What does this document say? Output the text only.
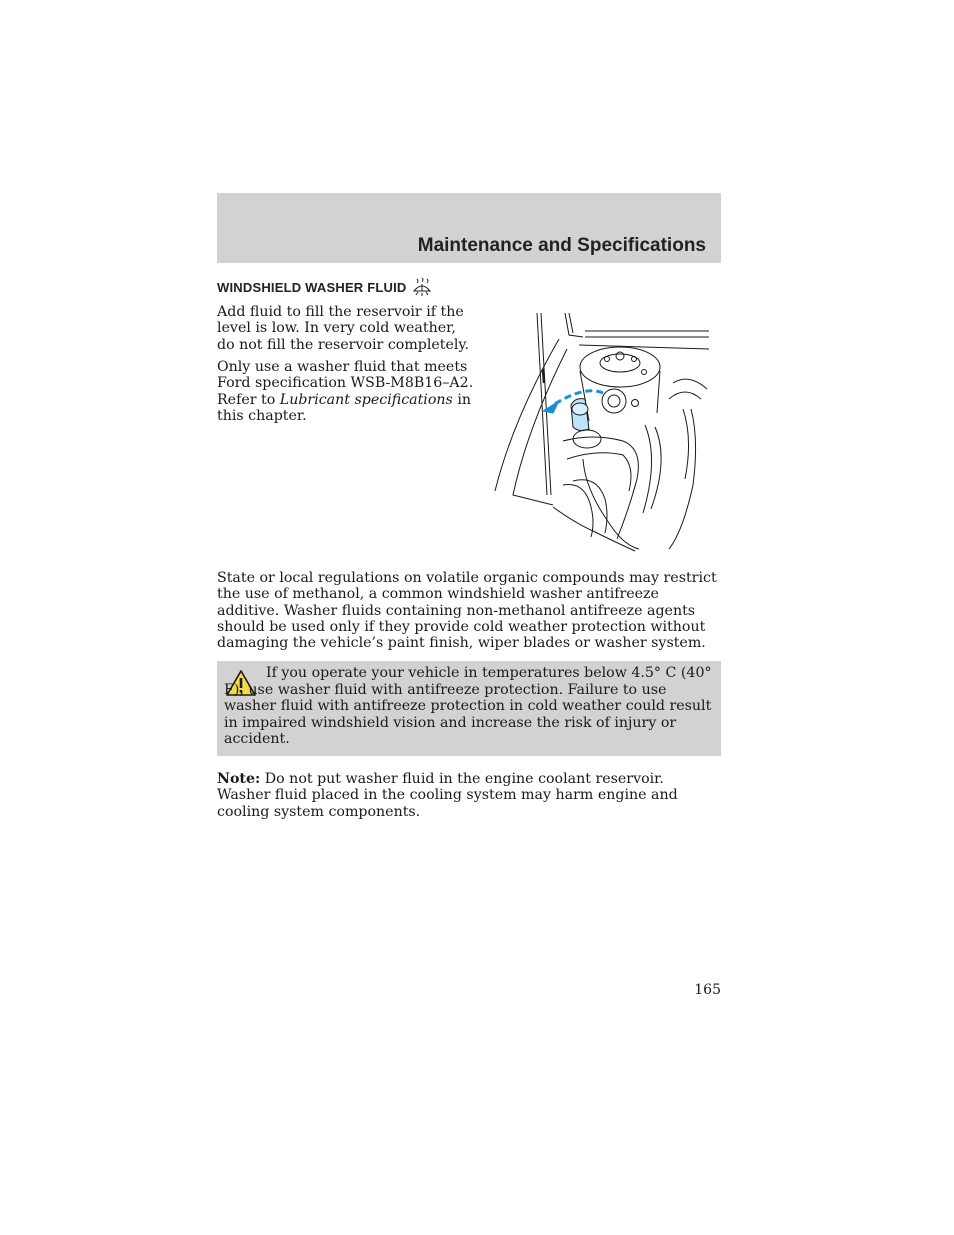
Maintenance and Specifications
WINDSHIELD WASHER FLUID
Add fluid to fill the reservoir if the level is low. In very cold weather, do not fill the reservoir completely.
Only use a washer fluid that meets Ford specification WSB-M8B16–A2. Refer to Lubricant specifications in this chapter.
State or local regulations on volatile organic compounds may restrict the use of methanol, a common windshield washer antifreeze additive. Washer fluids containing non-methanol antifreeze agents should be used only if they provide cold weather protection without damaging the vehicle’s paint finish, wiper blades or washer system.
If you operate your vehicle in temperatures below 4.5° C (40° F), use washer fluid with antifreeze protection. Failure to use washer fluid with antifreeze protection in cold weather could result in impaired windshield vision and increase the risk of injury or accident.
Note: Do not put washer fluid in the engine coolant reservoir. Washer fluid placed in the cooling system may harm engine and cooling system components.
165
